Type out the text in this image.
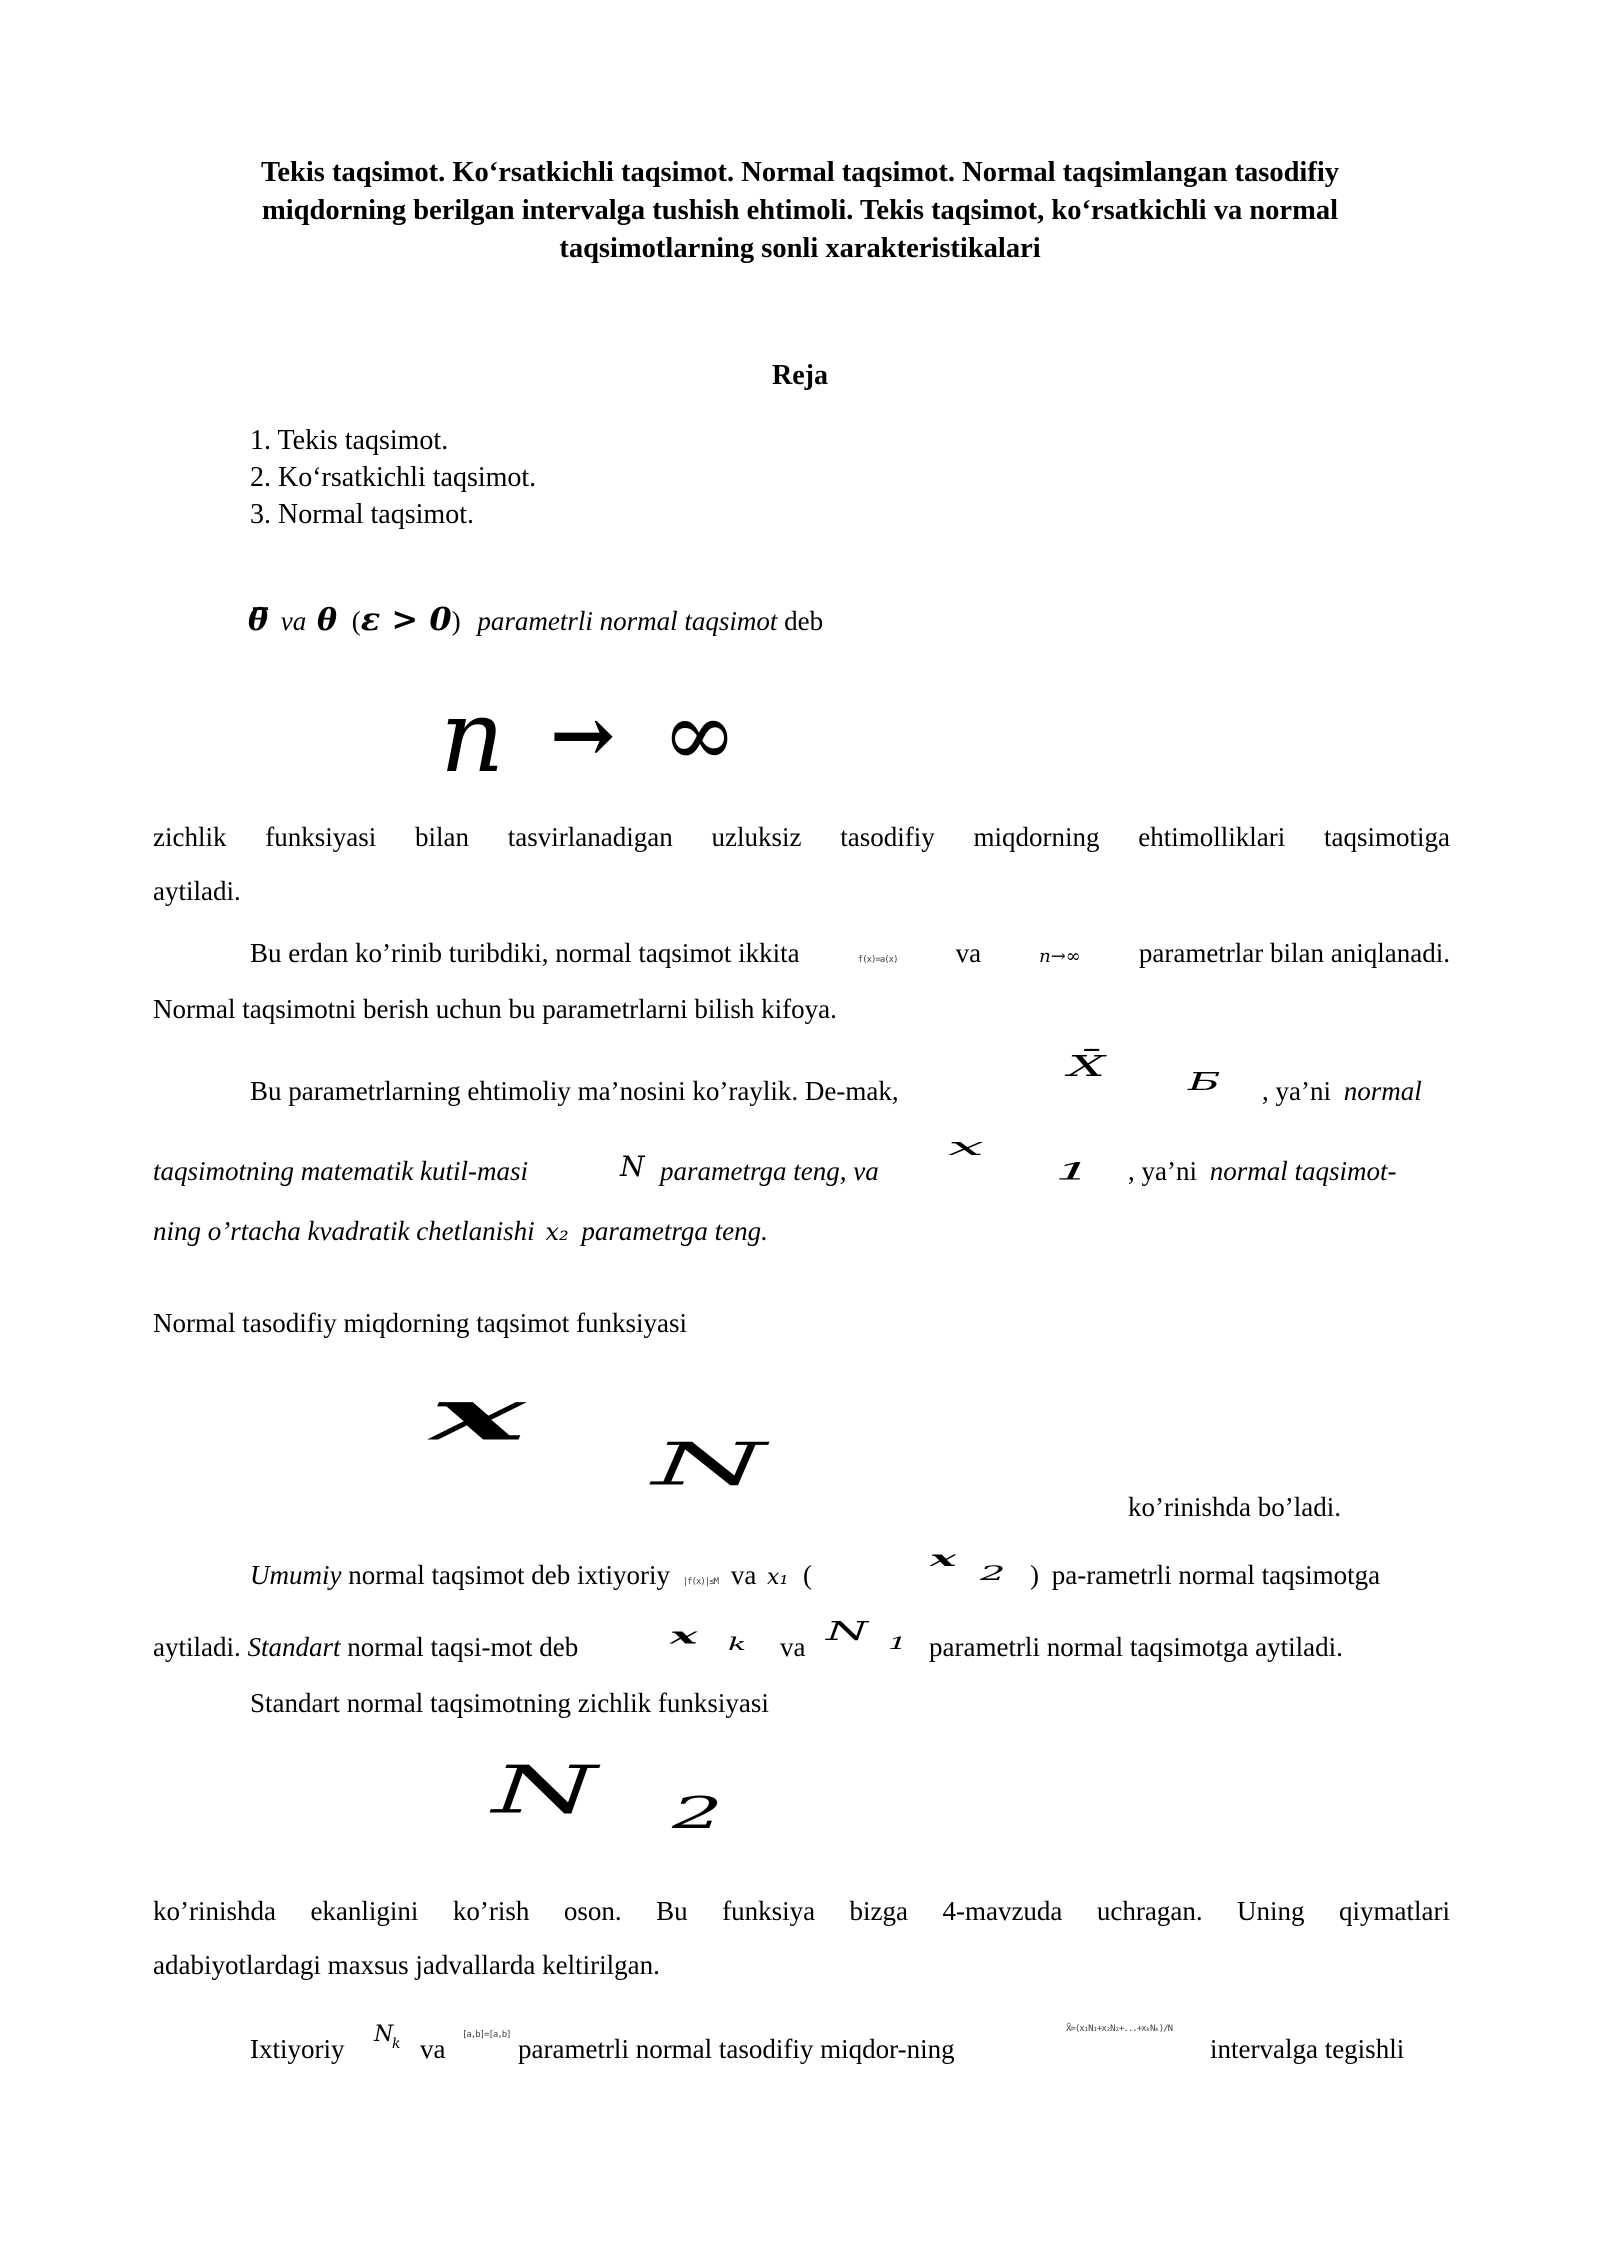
Tekis taqsimot. Ko‘rsatkichli taqsimot. Normal taqsimot. Normal taqsimlangan tasodifiy
miqdorning berilgan intervalga tushish ehtimoli. Tekis taqsimot, ko‘rsatkichli va normal
taqsimotlarning sonli xarakteristikalari
Reja
1. Tekis taqsimot.
2. Ko‘rsatkichli taqsimot.
3. Normal taqsimot.
θ̅ va θ (ε > 0) parametrli normal taqsimot deb
n → ∞
zichlik funksiyasi bilan tasvirlanadigan uzluksiz tasodifiy miqdorning ehtimolliklari taqsimotiga
aytiladi.
Bu erdan ko’rinib turibdiki, normal taqsimot ikkita	f(x)=a(x) va	n→∞ parametrlar bilan aniqlanadi.
Normal taqsimotni berish uchun bu parametrlarni bilish kifoya.
Bu parametrlarning ehtimoliy ma’nosini ko’raylik. De-mak,
X̄ Б , ya’ni normal
taqsimotning matematik kutil-masi	N parametrga teng, va
x
1 , ya’ni normal taqsimot-
ning o’rtacha kvadratik chetlanishi x₂ parametrga teng.
Normal tasodifiy miqdorning taqsimot funksiyasi
x
N
ko’rinishda bo’ladi.
Umumiy normal taqsimot deb ixtiyoriy |f(x)|≤M va x₁ (
x
2 ) pa-rametrli normal taqsimotga
aytiladi. Standart normal taqsi-mot deb x k va
N 1 parametrli normal taqsimotga aytiladi.
Standart normal taqsimotning zichlik funksiyasi
N 2
ko’rinishda ekanligini ko’rish oson. Bu funksiya bizga 4-mavzuda uchragan. Uning qiymatlari
adabiyotlardagi maxsus jadvallarda keltirilgan.
Ixtiyoriy N
k va [a,b]=[a,b] parametrli normal tasodifiy miqdor-ning
X̄=(x₁N₁+x₂N₂+...+xₖNₖ)/N
intervalga tegishli
